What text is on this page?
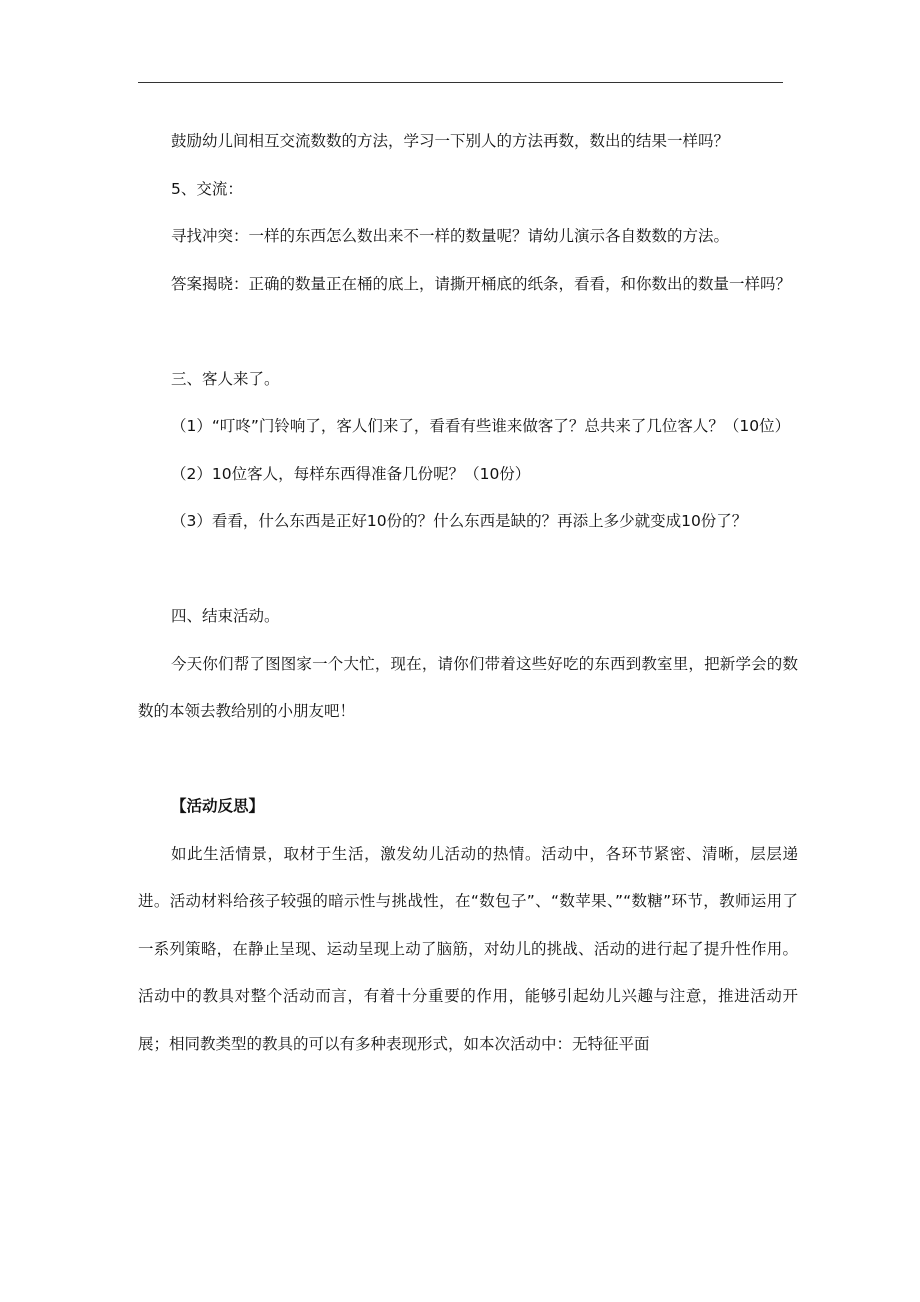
鼓励幼儿间相互交流数数的方法，学习一下别人的方法再数，数出的结果一样吗？

5、交流：

寻找冲突：一样的东西怎么数出来不一样的数量呢？请幼儿演示各自数数的方法。

答案揭晓：正确的数量正在桶的底上，请撕开桶底的纸条，看看，和你数出的数量一样吗？

三、客人来了。

（1）“叮咚”门铃响了，客人们来了，看看有些谁来做客了？总共来了几位客人？（10位）

（2）10位客人，每样东西得准备几份呢？（10份）

（3）看看，什么东西是正好10份的？什么东西是缺的？再添上多少就变成10份了？

四、结束活动。

今天你们帮了图图家一个大忙，现在，请你们带着这些好吃的东西到教室里，把新学会的数数的本领去教给别的小朋友吧！

【活动反思】

如此生活情景，取材于生活，激发幼儿活动的热情。活动中，各环节紧密、清晰，层层递进。活动材料给孩子较强的暗示性与挑战性，在“数包子”、“数苹果、”“数糖”环节，教师运用了一系列策略，在静止呈现、运动呈现上动了脑筋，对幼儿的挑战、活动的进行起了提升性作用。活动中的教具对整个活动而言，有着十分重要的作用，能够引起幼儿兴趣与注意，推进活动开展；相同教类型的教具的可以有多种表现形式，如本次活动中：无特征平面
